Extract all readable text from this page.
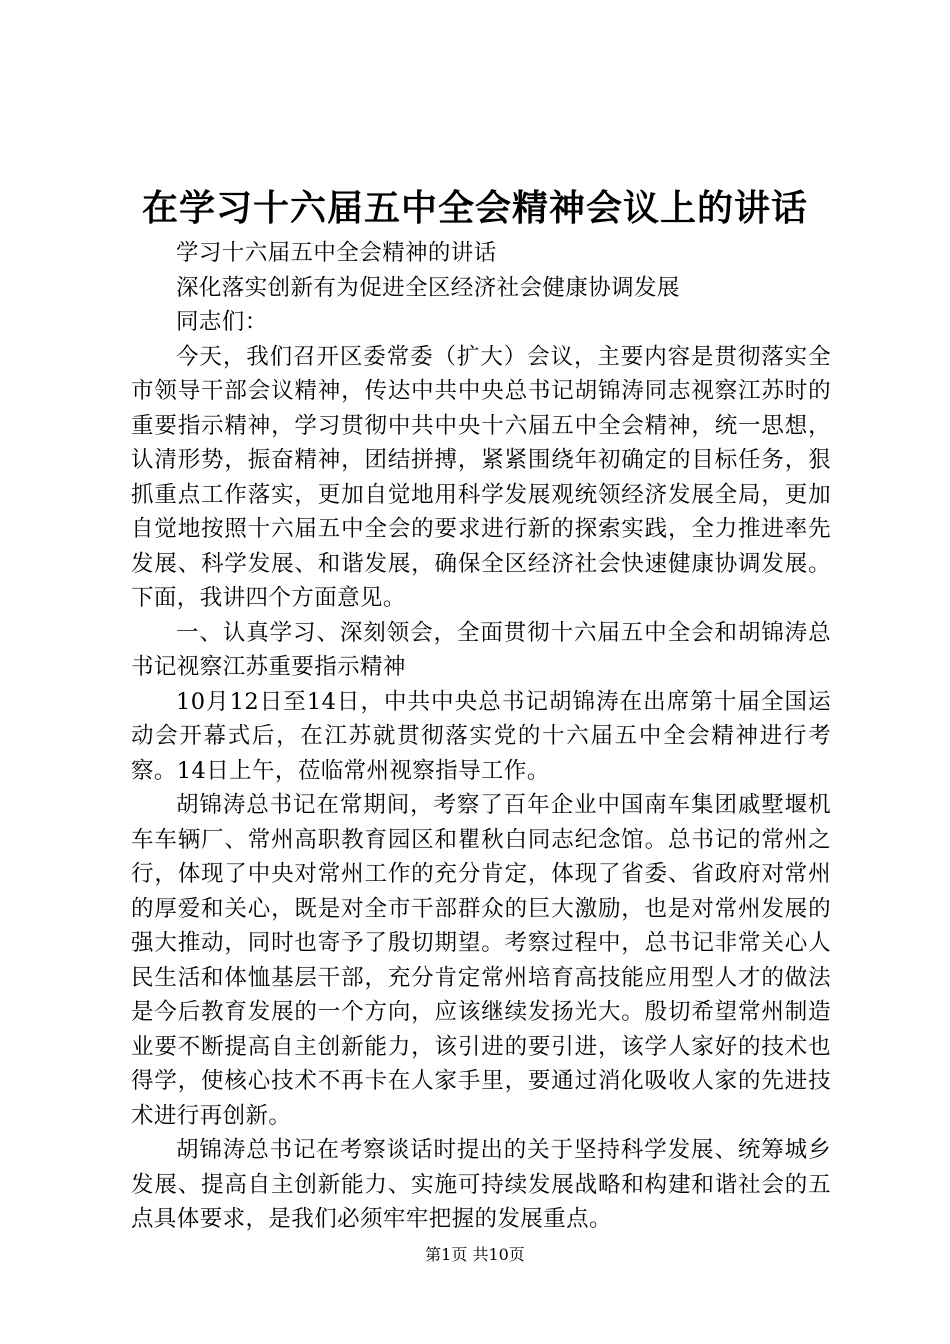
在学习十六届五中全会精神会议上的讲话

学习十六届五中全会精神的讲话

深化落实创新有为促进全区经济社会健康协调发展

同志们：

今天，我们召开区委常委（扩大）会议，主要内容是贯彻落实全市领导干部会议精神，传达中共中央总书记胡锦涛同志视察江苏时的重要指示精神，学习贯彻中共中央十六届五中全会精神，统一思想，认清形势，振奋精神，团结拼搏，紧紧围绕年初确定的目标任务，狠抓重点工作落实，更加自觉地用科学发展观统领经济发展全局，更加自觉地按照十六届五中全会的要求进行新的探索实践，全力推进率先发展、科学发展、和谐发展，确保全区经济社会快速健康协调发展。下面，我讲四个方面意见。

一、认真学习、深刻领会，全面贯彻十六届五中全会和胡锦涛总书记视察江苏重要指示精神

10月12日至14日，中共中央总书记胡锦涛在出席第十届全国运动会开幕式后，在江苏就贯彻落实党的十六届五中全会精神进行考察。14日上午，莅临常州视察指导工作。

胡锦涛总书记在常期间，考察了百年企业中国南车集团戚墅堰机车车辆厂、常州高职教育园区和瞿秋白同志纪念馆。总书记的常州之行，体现了中央对常州工作的充分肯定，体现了省委、省政府对常州的厚爱和关心，既是对全市干部群众的巨大激励，也是对常州发展的强大推动，同时也寄予了殷切期望。考察过程中，总书记非常关心人民生活和体恤基层干部，充分肯定常州培育高技能应用型人才的做法是今后教育发展的一个方向，应该继续发扬光大。殷切希望常州制造业要不断提高自主创新能力，该引进的要引进，该学人家好的技术也得学，使核心技术不再卡在人家手里，要通过消化吸收人家的先进技术进行再创新。

胡锦涛总书记在考察谈话时提出的关于坚持科学发展、统筹城乡发展、提高自主创新能力、实施可持续发展战略和构建和谐社会的五点具体要求，是我们必须牢牢把握的发展重点。

第1页 共10页
